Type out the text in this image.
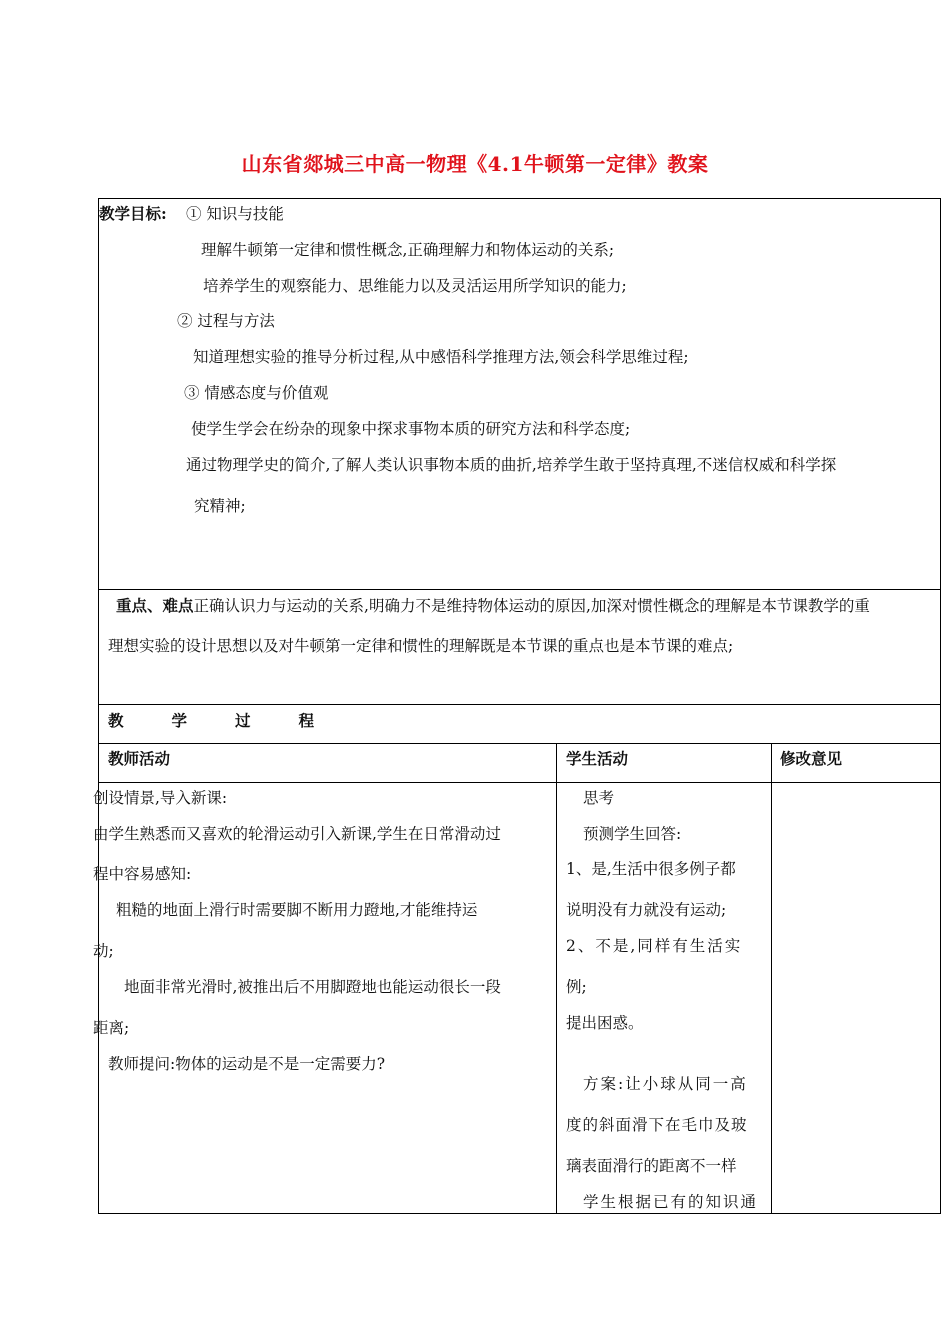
山东省郯城三中高一物理《4.1牛顿第一定律》教案
教学目标: ① 知识与技能
理解牛顿第一定律和惯性概念,正确理解力和物体运动的关系;
培养学生的观察能力、思维能力以及灵活运用所学知识的能力;
② 过程与方法
知道理想实验的推导分析过程,从中感悟科学推理方法,领会科学思维过程;
③ 情感态度与价值观
使学生学会在纷杂的现象中探求事物本质的研究方法和科学态度;
通过物理学史的简介,了解人类认识事物本质的曲折,培养学生敢于坚持真理,不迷信权威和科学探
究精神;
重点、难点正确认识力与运动的关系,明确力不是维持物体运动的原因,加深对惯性概念的理解是本节课教学的重
理想实验的设计思想以及对牛顿第一定律和惯性的理解既是本节课的重点也是本节课的难点;
教学过程
教师活动	学生活动	修改意见
创设情景,导入新课:
由学生熟悉而又喜欢的轮滑运动引入新课,学生在日常滑动过
程中容易感知:
粗糙的地面上滑行时需要脚不断用力蹬地,才能维持运
动;
地面非常光滑时,被推出后不用脚蹬地也能运动很长一段
距离;
教师提问:物体的运动是不是一定需要力?
思考
预测学生回答:
1、是,生活中很多例子都
说明没有力就没有运动;
2、不是,同样有生活实
例;
提出困惑。
方案:让小球从同一高
度的斜面滑下在毛巾及玻
璃表面滑行的距离不一样
学生根据已有的知识通
